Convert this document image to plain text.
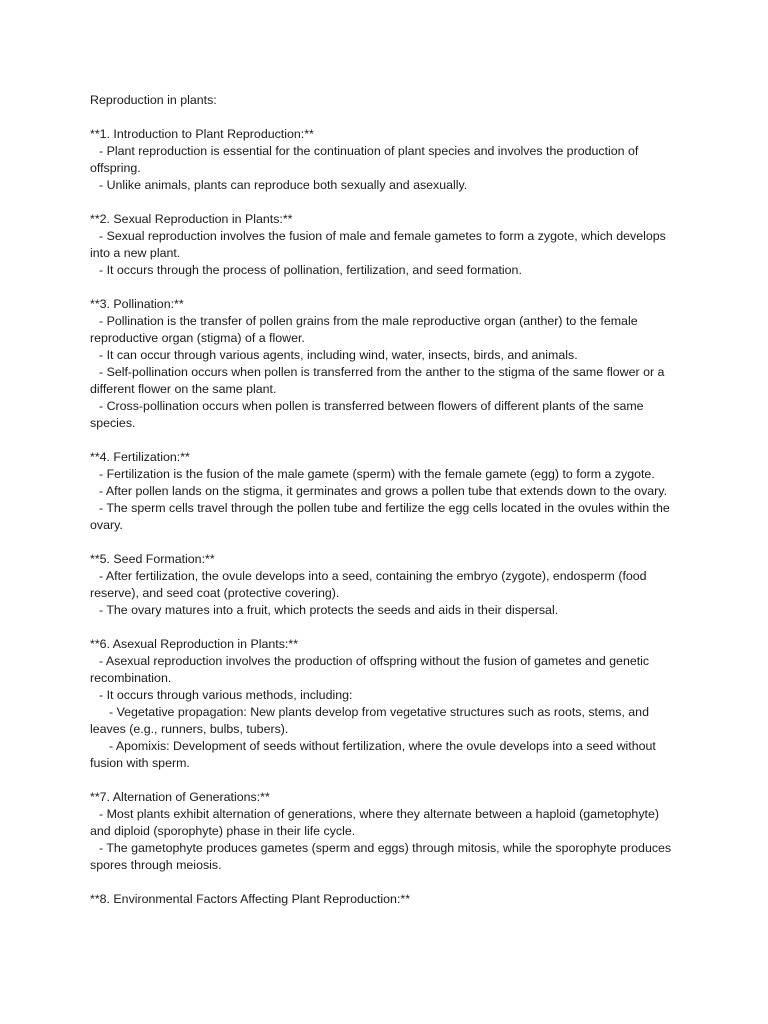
Reproduction in plants:

**1. Introduction to Plant Reproduction:**

- Plant reproduction is essential for the continuation of plant species and involves the production of offspring.

- Unlike animals, plants can reproduce both sexually and asexually.

**2. Sexual Reproduction in Plants:**

- Sexual reproduction involves the fusion of male and female gametes to form a zygote, which develops into a new plant.

- It occurs through the process of pollination, fertilization, and seed formation.

**3. Pollination:**

- Pollination is the transfer of pollen grains from the male reproductive organ (anther) to the female reproductive organ (stigma) of a flower.

- It can occur through various agents, including wind, water, insects, birds, and animals.

- Self-pollination occurs when pollen is transferred from the anther to the stigma of the same flower or a different flower on the same plant.

- Cross-pollination occurs when pollen is transferred between flowers of different plants of the same species.

**4. Fertilization:**

- Fertilization is the fusion of the male gamete (sperm) with the female gamete (egg) to form a zygote.

- After pollen lands on the stigma, it germinates and grows a pollen tube that extends down to the ovary.

- The sperm cells travel through the pollen tube and fertilize the egg cells located in the ovules within the ovary.

**5. Seed Formation:**

- After fertilization, the ovule develops into a seed, containing the embryo (zygote), endosperm (food reserve), and seed coat (protective covering).

- The ovary matures into a fruit, which protects the seeds and aids in their dispersal.

**6. Asexual Reproduction in Plants:**

- Asexual reproduction involves the production of offspring without the fusion of gametes and genetic recombination.

- It occurs through various methods, including:

- Vegetative propagation: New plants develop from vegetative structures such as roots, stems, and leaves (e.g., runners, bulbs, tubers).

- Apomixis: Development of seeds without fertilization, where the ovule develops into a seed without fusion with sperm.

**7. Alternation of Generations:**

- Most plants exhibit alternation of generations, where they alternate between a haploid (gametophyte) and diploid (sporophyte) phase in their life cycle.

- The gametophyte produces gametes (sperm and eggs) through mitosis, while the sporophyte produces spores through meiosis.

**8. Environmental Factors Affecting Plant Reproduction:**
